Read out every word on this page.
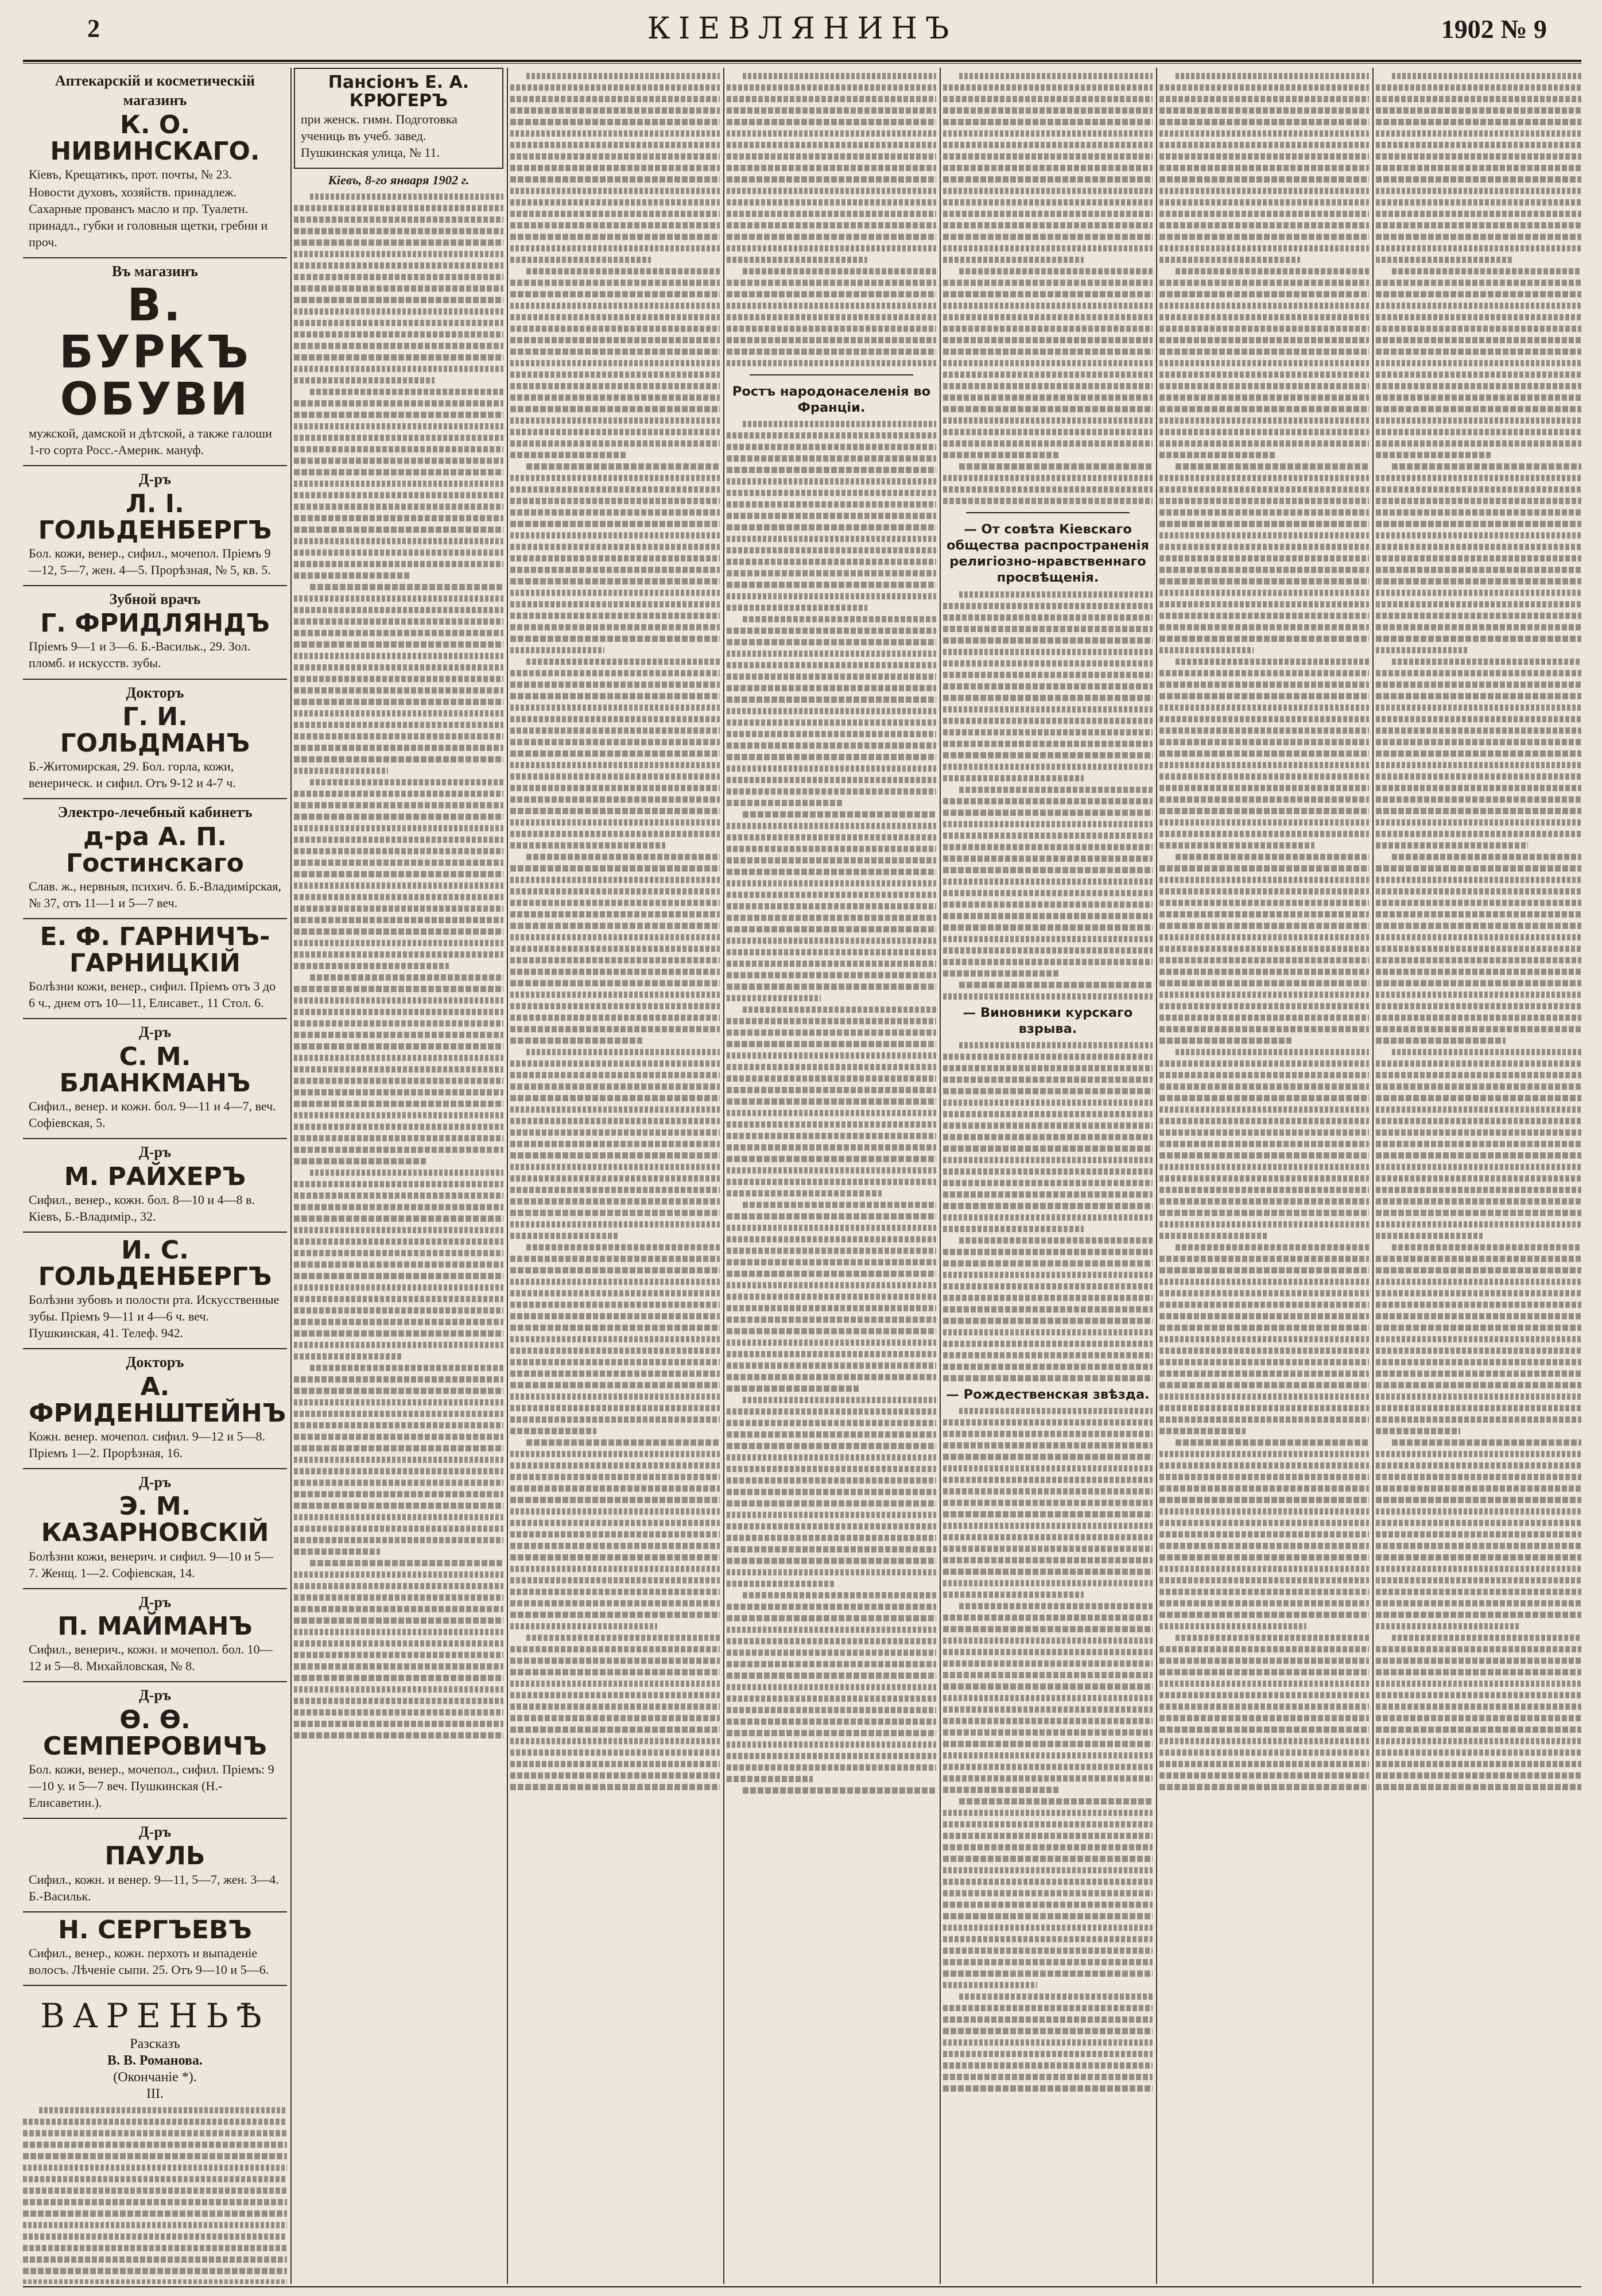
2	КІЕВЛЯНИНЪ	1902 № 9
Аптекарскій и косметическій магазинъ
К. О. НИВИНСКАГО.

Кіевъ, Крещатикъ, прот. почты, № 23.

Новости духовъ, хозяйств. принадлеж. Сахарные провансъ масло и пр. Туалетн. принадл., губки и головныя щетки, гребни и проч.

Въ магазинъ
В. БУРКЪ ОБУВИ

мужской, дамской и дѣтской, а также галоши 1-го сорта Росс.-Америк. мануф.

Д-ръ
Л. І. ГОЛЬДЕНБЕРГЪ

Бол. кожи, венер., сифил., мочепол. Пріемъ 9—12, 5—7, жен. 4—5. Прорѣзная, № 5, кв. 5.

Зубной врачъ
Г. ФРИДЛЯНДЪ

Пріемъ 9—1 и 3—6. Б.-Васильк., 29. Зол. пломб. и искусств. зубы.

Докторъ
Г. И. ГОЛЬДМАНЪ

Б.-Житомирская, 29. Бол. горла, кожи, венерическ. и сифил. Отъ 9-12 и 4-7 ч.

Электро-лечебный кабинетъ
д-ра А. П. Гостинскаго

Слав. ж., нервныя, психич. б. Б.-Владимірская, № 37, отъ 11—1 и 5—7 веч.

Е. Ф. ГАРНИЧЪ-ГАРНИЦКІЙ

Болѣзни кожи, венер., сифил. Пріемъ отъ 3 до 6 ч., днем отъ 10—11, Елисавет., 11 Стол. 6.

Д-ръ
С. М. БЛАНКМАНЪ

Сифил., венер. и кожн. бол. 9—11 и 4—7, веч. Софіевская, 5.

Д-ръ
М. РАЙХЕРЪ

Сифил., венер., кожн. бол. 8—10 и 4—8 в. Кіевъ, Б.-Владимір., 32.

И. С. ГОЛЬДЕНБЕРГЪ

Болѣзни зубовъ и полости рта. Искусственные зубы. Пріемъ 9—11 и 4—6 ч. веч. Пушкинская, 41. Телеф. 942.

Докторъ
А. ФРИДЕНШТЕЙНЪ

Кожн. венер. мочепол. сифил. 9—12 и 5—8. Пріемъ 1—2. Прорѣзная, 16.

Д-ръ
Э. М. КАЗАРНОВСКІЙ

Болѣзни кожи, венерич. и сифил. 9—10 и 5—7. Женщ. 1—2. Софіевская, 14.

Д-ръ
П. МАЙМАНЪ

Сифил., венерич., кожн. и мочепол. бол. 10—12 и 5—8. Михайловская, № 8.

Д-ръ
Ѳ. Ѳ. СЕМПЕРОВИЧЪ

Бол. кожи, венер., мочепол., сифил. Пріемъ: 9—10 у. и 5—7 веч. Пушкинская (Н.-Елисаветин.).

Д-ръ
ПАУЛЬ

Сифил., кожн. и венер. 9—11, 5—7, жен. 3—4. Б.-Васильк.

Н. СЕРГЪЕВЪ

Сифил., венер., кожн. перхоть и выпаденіе волосъ. Лѣченіе сыпи. 25. Отъ 9—10 и 5—6.

ВАРЕНЬѢ
Разсказъ
В. В. Романова.
(Окончаніе *).
III.
Пансіонъ Е. А. КРЮГЕРЪ

при женск. гимн. Подготовка учениць въ учеб. завед. Пушкинская улица, № 11.

Кіевъ, 8-го января 1902 г.
Ростъ народонаселенія во Франціи.
— От совѣта Кіевскаго общества распространенія религіозно-нравственнаго просвѣщенія.
— Виновники курскаго взрыва.
— Рождественская звѣзда.
